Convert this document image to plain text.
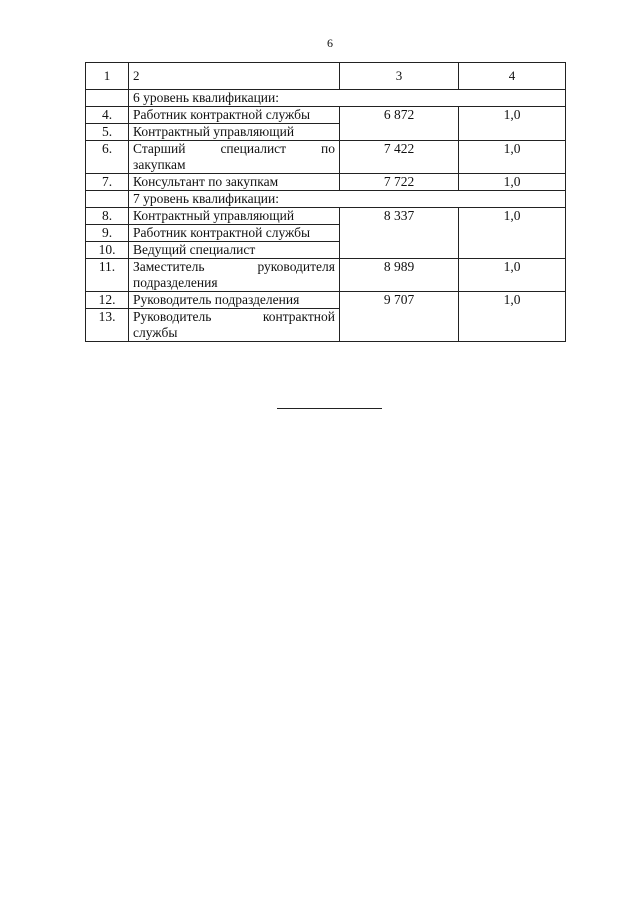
6
1	2	3	4
	6 уровень квалификации:		
4.	Работник контрактной службы	6 872	1,0
5.	Контрактный управляющий		
6.	Старший специалист по
закупкам	7 422	1,0
7.	Консультант по закупкам	7 722	1,0
	7 уровень квалификации:		
8.	Контрактный управляющий	8 337	1,0
9.	Работник контрактной службы		
10.	Ведущий специалист		
11.	Заместитель руководителя
подразделения	8 989	1,0
12.	Руководитель подразделения	9 707	1,0
13.	Руководитель контрактной
службы		
